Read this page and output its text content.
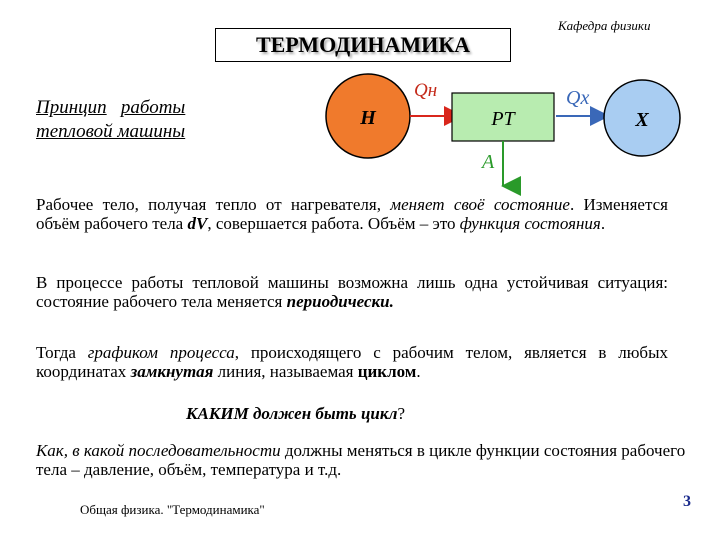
Кафедра физики
ТЕРМОДИНАМИКА
Принцип работы
тепловой машины
Н
Qн
РТ
Qх
Х
A
Рабочее тело, получая тепло от нагревателя, меняет своё состояние. Изменяется объём рабочего тела dV, совершается работа. Объём – это функция состояния.
В процессе работы тепловой машины возможна лишь одна устойчивая ситуация: состояние рабочего тела меняется периодически.
Тогда графиком процесса, происходящего с рабочим телом, является в любых координатах замкнутая линия, называемая циклом.
КАКИМ должен быть цикл?
Как, в какой последовательности должны меняться в цикле функции состояния рабочего тела – давление, объём, температура и т.д.
Общая физика. "Термодинамика"	3
